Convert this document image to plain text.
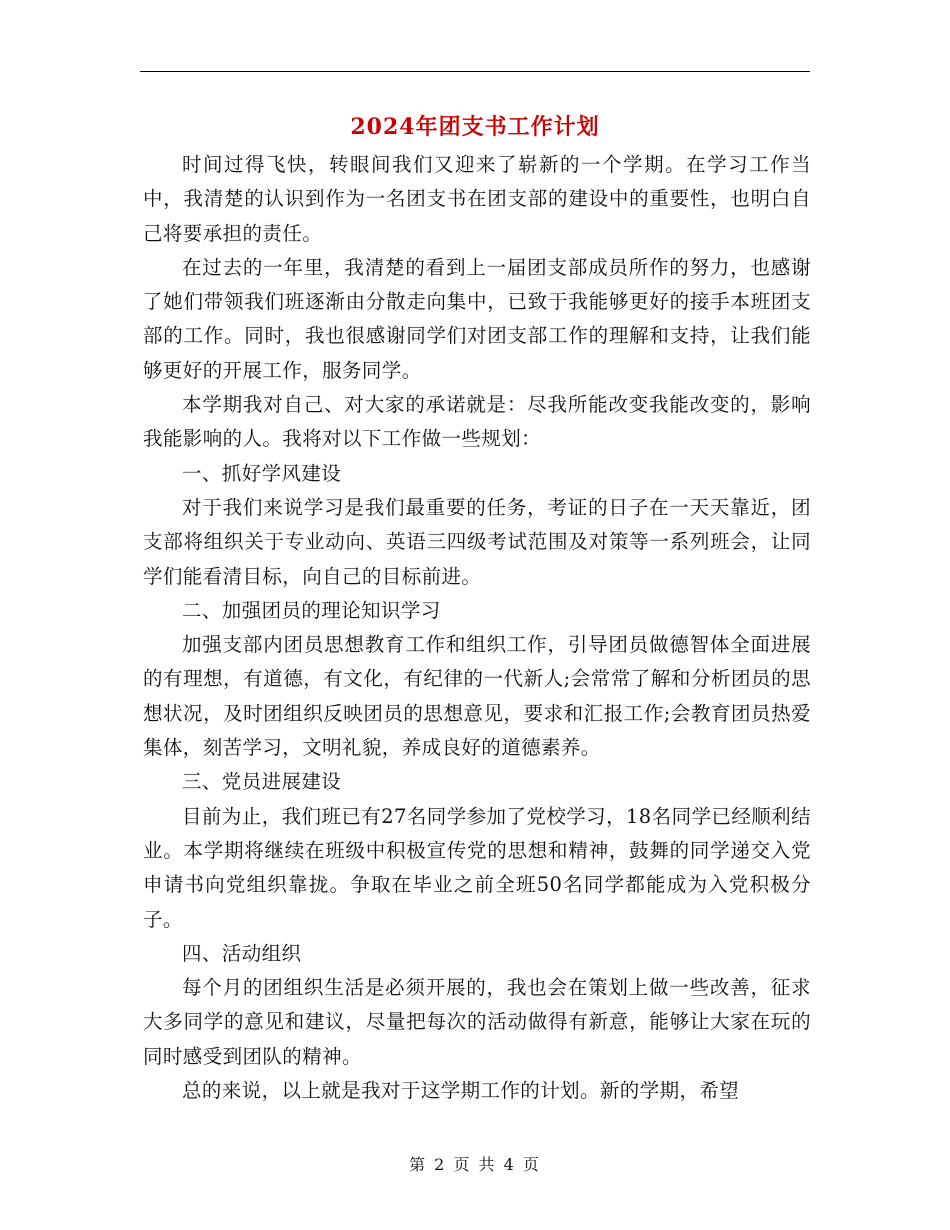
2024年团支书工作计划

时间过得飞快，转眼间我们又迎来了崭新的一个学期。在学习工作当中，我清楚的认识到作为一名团支书在团支部的建设中的重要性，也明白自己将要承担的责任。

在过去的一年里，我清楚的看到上一届团支部成员所作的努力，也感谢了她们带领我们班逐渐由分散走向集中，已致于我能够更好的接手本班团支部的工作。同时，我也很感谢同学们对团支部工作的理解和支持，让我们能够更好的开展工作，服务同学。

本学期我对自己、对大家的承诺就是：尽我所能改变我能改变的，影响我能影响的人。我将对以下工作做一些规划：

一、抓好学风建设

对于我们来说学习是我们最重要的任务，考证的日子在一天天靠近，团支部将组织关于专业动向、英语三四级考试范围及对策等一系列班会，让同学们能看清目标，向自己的目标前进。

二、加强团员的理论知识学习

加强支部内团员思想教育工作和组织工作，引导团员做德智体全面进展的有理想，有道德，有文化，有纪律的一代新人;会常常了解和分析团员的思想状况，及时团组织反映团员的思想意见，要求和汇报工作;会教育团员热爱集体，刻苦学习，文明礼貌，养成良好的道德素养。

三、党员进展建设

目前为止，我们班已有27名同学参加了党校学习，18名同学已经顺利结业。本学期将继续在班级中积极宣传党的思想和精神，鼓舞的同学递交入党申请书向党组织靠拢。争取在毕业之前全班50名同学都能成为入党积极分子。

四、活动组织

每个月的团组织生活是必须开展的，我也会在策划上做一些改善，征求大多同学的意见和建议，尽量把每次的活动做得有新意，能够让大家在玩的同时感受到团队的精神。

总的来说，以上就是我对于这学期工作的计划。新的学期，希望

第 2 页 共 4 页
